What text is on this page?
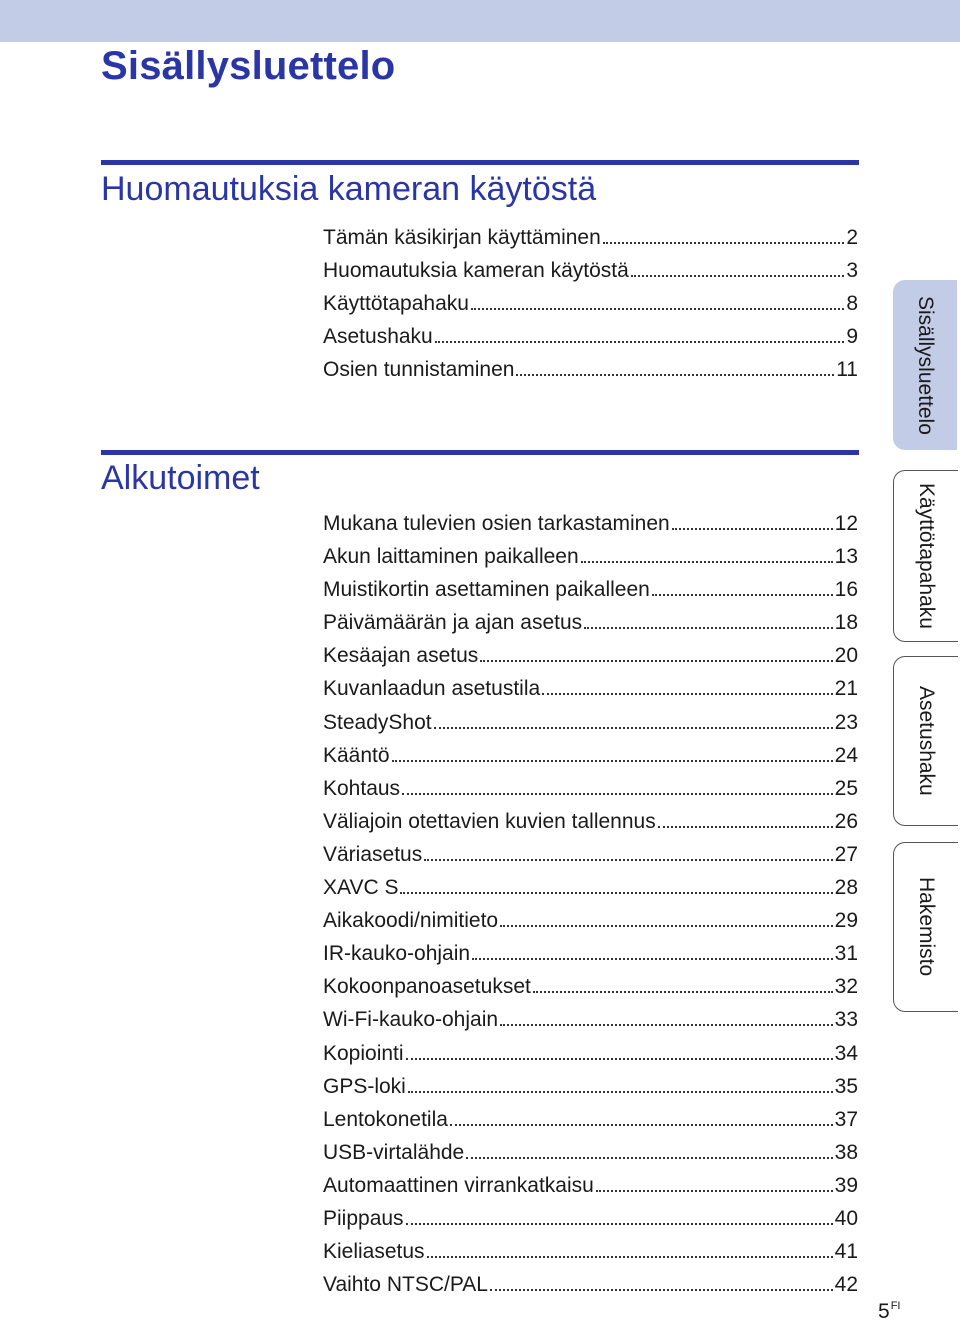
Sisällysluettelo
Huomautuksia kameran käytöstä
Tämän käsikirjan käyttäminen	2
Huomautuksia kameran käytöstä	3
Käyttötapahaku	8
Asetushaku	9
Osien tunnistaminen	11
Alkutoimet
Mukana tulevien osien tarkastaminen	12
Akun laittaminen paikalleen	13
Muistikortin asettaminen paikalleen	16
Päivämäärän ja ajan asetus	18
Kesäajan asetus	20
Kuvanlaadun asetustila	21
SteadyShot	23
Kääntö	24
Kohtaus	25
Väliajoin otettavien kuvien tallennus	26
Väriasetus	27
XAVC S	28
Aikakoodi/nimitieto	29
IR-kauko-ohjain	31
Kokoonpanoasetukset	32
Wi-Fi-kauko-ohjain	33
Kopiointi	34
GPS-loki	35
Lentokonetila	37
USB-virtalähde	38
Automaattinen virrankatkaisu	39
Piippaus	40
Kieliasetus	41
Vaihto NTSC/PAL	42
Sisällysluettelo
Käyttötapahaku
Asetushaku
Hakemisto
$5^{FI}$
